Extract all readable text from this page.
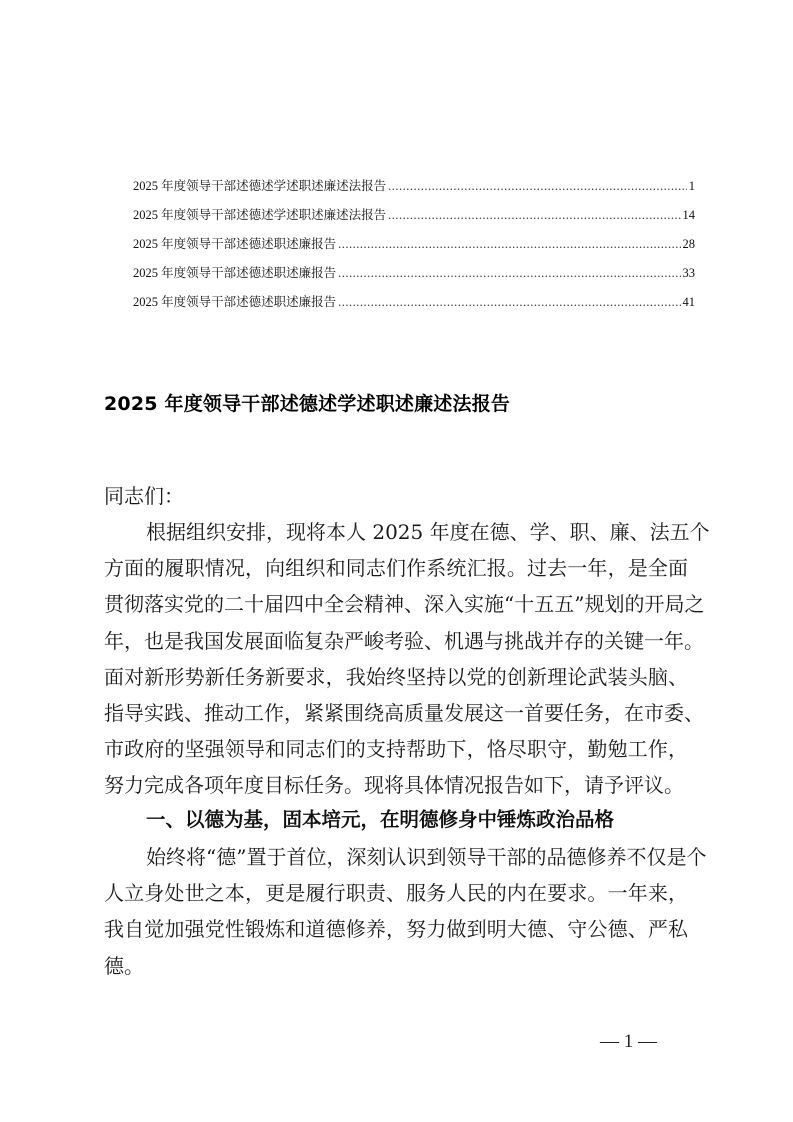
2025 年度领导干部述德述学述职述廉述法报告 .....	1
2025 年度领导干部述德述学述职述廉述法报告 .....	14
2025 年度领导干部述德述职述廉报告 .....	28
2025 年度领导干部述德述职述廉报告 .....	33
2025 年度领导干部述德述职述廉报告 .....	41
2025 年度领导干部述德述学述职述廉述法报告
同志们：
根据组织安排，现将本人 2025 年度在德、学、职、廉、法五个
方面的履职情况，向组织和同志们作系统汇报。过去一年，是全面
贯彻落实党的二十届四中全会精神、深入实施“十五五”规划的开局之
年，也是我国发展面临复杂严峻考验、机遇与挑战并存的关键一年。
面对新形势新任务新要求，我始终坚持以党的创新理论武装头脑、
指导实践、推动工作，紧紧围绕高质量发展这一首要任务，在市委、
市政府的坚强领导和同志们的支持帮助下，恪尽职守，勤勉工作，
努力完成各项年度目标任务。现将具体情况报告如下，请予评议。
一、以德为基，固本培元，在明德修身中锤炼政治品格
始终将“德”置于首位，深刻认识到领导干部的品德修养不仅是个
人立身处世之本，更是履行职责、服务人民的内在要求。一年来，
我自觉加强党性锻炼和道德修养，努力做到明大德、守公德、严私
德。
— 1 —
